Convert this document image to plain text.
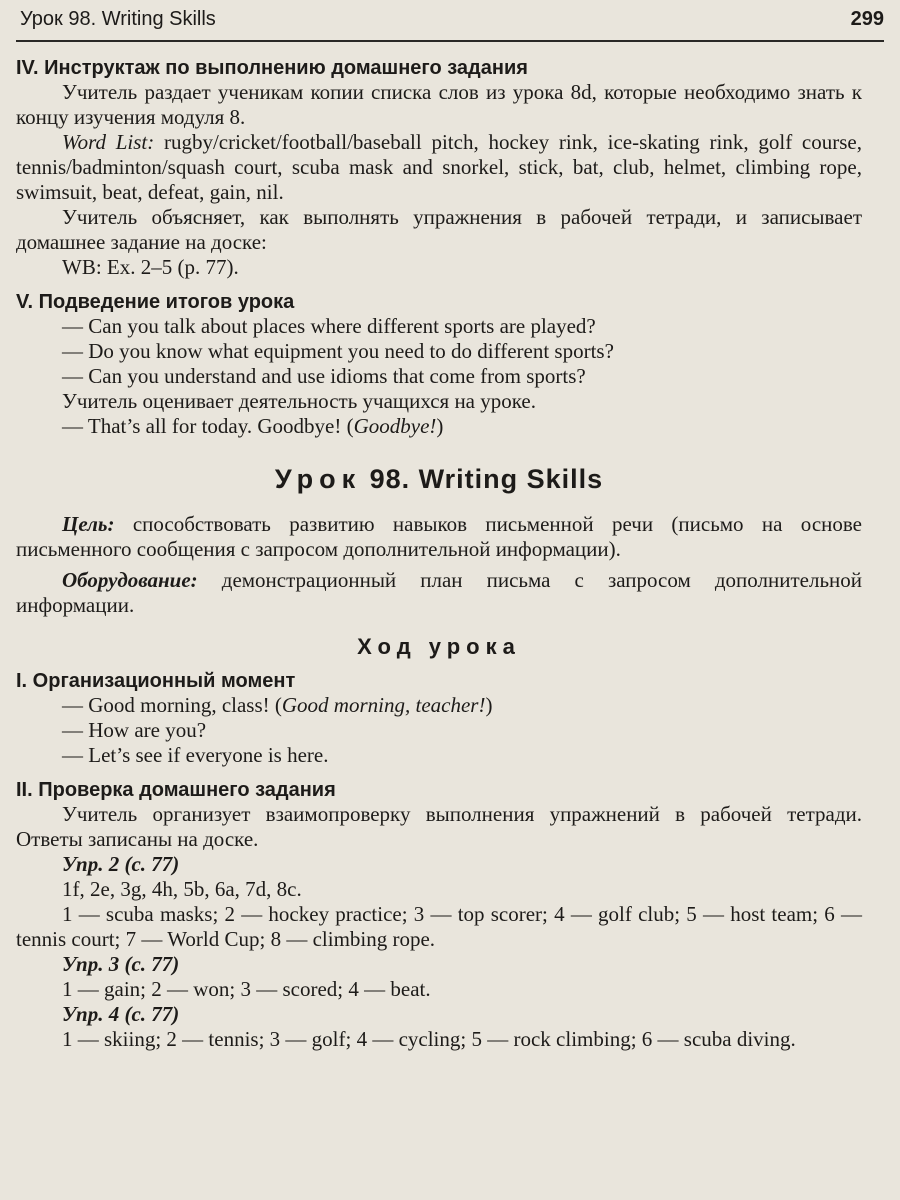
Урок 98. Writing Skills	299
IV. Инструктаж по выполнению домашнего задания

Учитель раздает ученикам копии списка слов из урока 8d, которые необходимо знать к концу изучения модуля 8.

Word List: rugby/cricket/football/baseball pitch, hockey rink, ice-skating rink, golf course, tennis/badminton/squash court, scuba mask and snorkel, stick, bat, club, helmet, climbing rope, swimsuit, beat, defeat, gain, nil.

Учитель объясняет, как выполнять упражнения в рабочей тетради, и записывает домашнее задание на доске:

WB: Ex. 2–5 (p. 77).

V. Подведение итогов урока

— Can you talk about places where different sports are played?

— Do you know what equipment you need to do different sports?

— Can you understand and use idioms that come from sports?

Учитель оценивает деятельность учащихся на уроке.

— That’s all for today. Goodbye! (Goodbye!)

Урок 98. Writing Skills

Цель: способствовать развитию навыков письменной речи (письмо на основе письменного сообщения с запросом дополнительной информации).

Оборудование: демонстрационный план письма с запросом дополнительной информации.

Ход урока
I. Организационный момент

— Good morning, class! (Good morning, teacher!)

— How are you?

— Let’s see if everyone is here.

II. Проверка домашнего задания

Учитель организует взаимопроверку выполнения упражнений в рабочей тетради. Ответы записаны на доске.

Упр. 2 (с. 77)

1f, 2e, 3g, 4h, 5b, 6a, 7d, 8c.

1 — scuba masks; 2 — hockey practice; 3 — top scorer; 4 — golf club; 5 — host team; 6 — tennis court; 7 — World Cup; 8 — climbing rope.

Упр. 3 (с. 77)

1 — gain; 2 — won; 3 — scored; 4 — beat.

Упр. 4 (с. 77)

1 — skiing; 2 — tennis; 3 — golf; 4 — cycling; 5 — rock climbing; 6 — scuba diving.
